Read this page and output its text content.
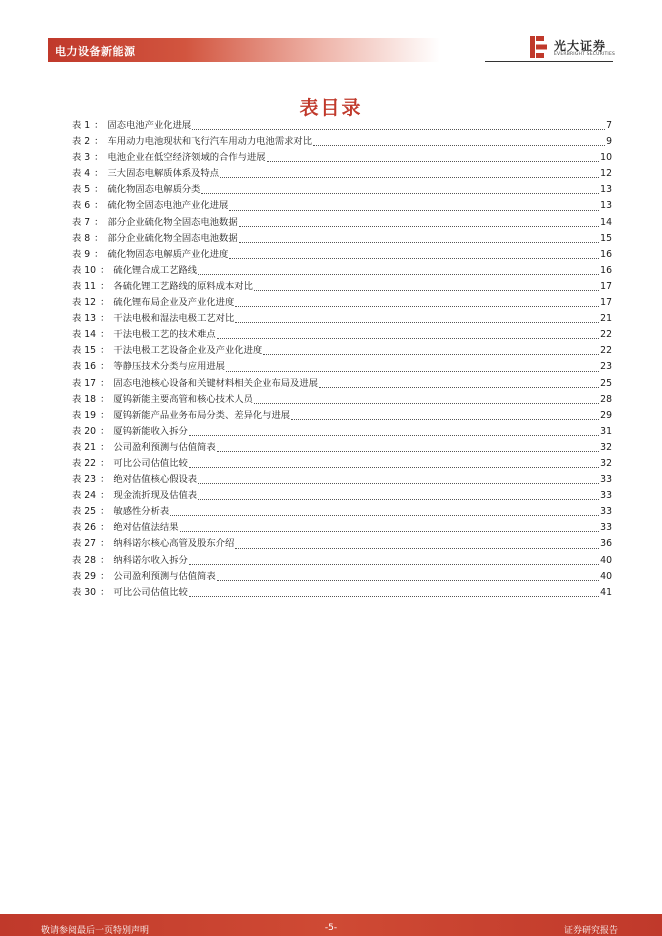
电力设备新能源	光大证券
EVERBRIGHT SECURITIES
表目录
表 1 ： 固态电池产业化进展	7
表 2 ： 车用动力电池现状和飞行汽车用动力电池需求对比	9
表 3 ： 电池企业在低空经济领域的合作与进展	10
表 4 ： 三大固态电解质体系及特点	12
表 5 ： 硫化物固态电解质分类	13
表 6 ： 硫化物全固态电池产业化进展	13
表 7 ： 部分企业硫化物全固态电池数据	14
表 8 ： 部分企业硫化物全固态电池数据	15
表 9 ： 硫化物固态电解质产业化进度	16
表 10 ： 硫化锂合成工艺路线	16
表 11 ： 各硫化锂工艺路线的原料成本对比	17
表 12 ： 硫化锂布局企业及产业化进度	17
表 13 ： 干法电极和湿法电极工艺对比	21
表 14 ： 干法电极工艺的技术难点	22
表 15 ： 干法电极工艺设备企业及产业化进度	22
表 16 ： 等静压技术分类与应用进展	23
表 17 ： 固态电池核心设备和关键材料相关企业布局及进展	25
表 18 ： 厦钨新能主要高管和核心技术人员	28
表 19 ： 厦钨新能产品业务布局分类、差异化与进展	29
表 20 ： 厦钨新能收入拆分	31
表 21 ： 公司盈利预测与估值简表	32
表 22 ： 可比公司估值比较	32
表 23 ： 绝对估值核心假设表	33
表 24 ： 现金流折现及估值表	33
表 25 ： 敏感性分析表	33
表 26 ： 绝对估值法结果	33
表 27 ： 纳科诺尔核心高管及股东介绍	36
表 28 ： 纳科诺尔收入拆分	40
表 29 ： 公司盈利预测与估值简表	40
表 30 ： 可比公司估值比较	41
敬请参阅最后一页特别声明	-5-	证券研究报告
